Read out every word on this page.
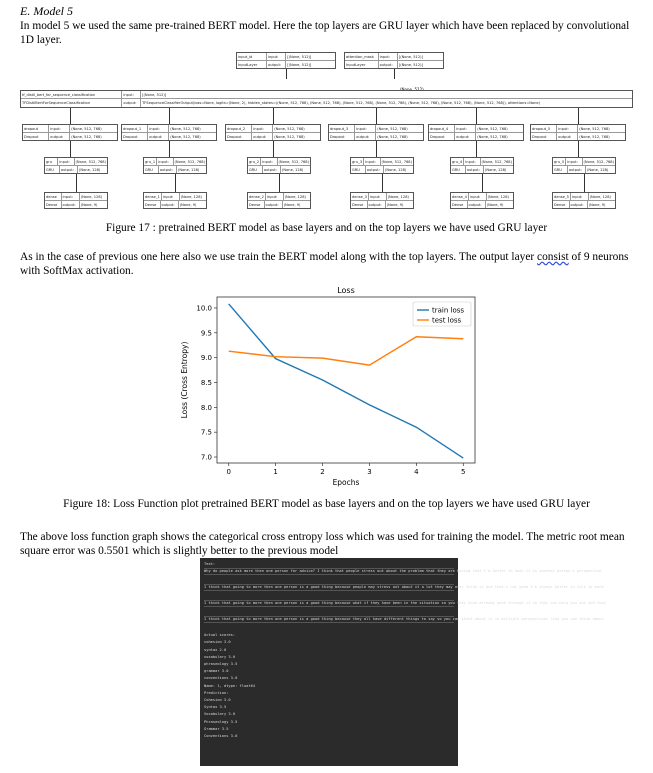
E. Model 5
In model 5 we used the same pre-trained BERT model. Here the top layers are GRU layer which have been replaced by convolutional 1D layer.
input_id	input:	[(None, 512)]
InputLayer	output:	[(None, 512)]
attention_mask	input:	[(None, 512)]
InputLayer	output:	[(None, 512)]
tf_distil_bert_for_sequence_classification	input:	[(None, 512)]
TFDistilBertForSequenceClassification	output:	TFSequenceClassifierOutput(loss=None, logits=(None, 2), hidden_states=((None, 512, 768), (None, 512, 768), (None, 512, 768), (None, 512, 768), (None, 512, 768), (None, 512, 768), (None, 512, 768)), attentions=None)
dropout	input:	(None, 512, 768)
Dropout	output:	(None, 512, 768)
gru	input:	(None, 512, 768)
GRU	output:	(None, 128)
dense	input:	(None, 128)
Dense	output:	(None, 9)
dropout_1	input:	(None, 512, 768)
Dropout	output:	(None, 512, 768)
gru_1 input:	(None, 512, 768)
GRU	output:	(None, 128)
dense_1 input:	(None, 128)
Dense	output:	(None, 9)
dropout_2	input:	(None, 512, 768)
Dropout	output:	(None, 512, 768)
gru_2 input:	(None, 512, 768)
GRU	output:	(None, 128)
dense_2 input:	(None, 128)
Dense	output:	(None, 9)
dropout_3	input:	(None, 512, 768)
Dropout	output:	(None, 512, 768)
gru_3 input:	(None, 512, 768)
GRU	output:	(None, 128)
dense_3 input:	(None, 128)
Dense	output:	(None, 9)
dropout_4	input:	(None, 512, 768)
Dropout	output:	(None, 512, 768)
gru_4 input:	(None, 512, 768)
GRU	output:	(None, 128)
dense_4 input:	(None, 128)
Dense	output:	(None, 9)
dropout_5	input:	(None, 512, 768)
Dropout	output:	(None, 512, 768)
gru_5 input:	(None, 512, 768)
GRU	output:	(None, 128)
dense_5 input:	(None, 128)
Dense	output:	(None, 9)
Figure 17 : pretrained BERT model as base layers and on the top layers we have used GRU layer
As in the case of previous one here also we use train the BERT model along with the top layers. The output layer consist of 9 neurons with SoftMax activation.
Loss
7.0
7.5
8.0
8.5
9.0
9.5
10.0
0	1	2	3	4	5
Epochs
Loss (Cross Entropy)
train loss
test loss
Figure 18: Loss Function plot pretrained BERT model as base layers and on the top layers we have used GRU layer
The above loss function graph shows the categorical cross entropy loss which was used for training the model. The metric root mean square error was 0.5501 which is slightly better to the previous model
Text:
Why do people ask more then one person for advice? I think that people stress out about the problem that they are having that I'm better to hear it is another person's perspective
I think that going to more then one person is a good thing because people may stress out about it a lot they may over think it and that's not good I'm always better to talk to more
I think that going to more then one person is a good thing because what if they have been in the situation so you they have already gone through it so they can help you out and they
I think that going to more then one person is a good thing because they all have different things to say so you can think about it in multiple perspectives like you can think about
Actual scores:
cohesion 3.0
syntax 2.0
vocabulary 3.0
phraseology 3.5
grammar 3.0
conventions 3.0
Name: 1, dtype: float64
Prediction:
Cohesion 3.0
Syntax 3.5
Vocabulary 3.0
Phraseology 3.5
Grammar 3.5
Conventions 3.0
